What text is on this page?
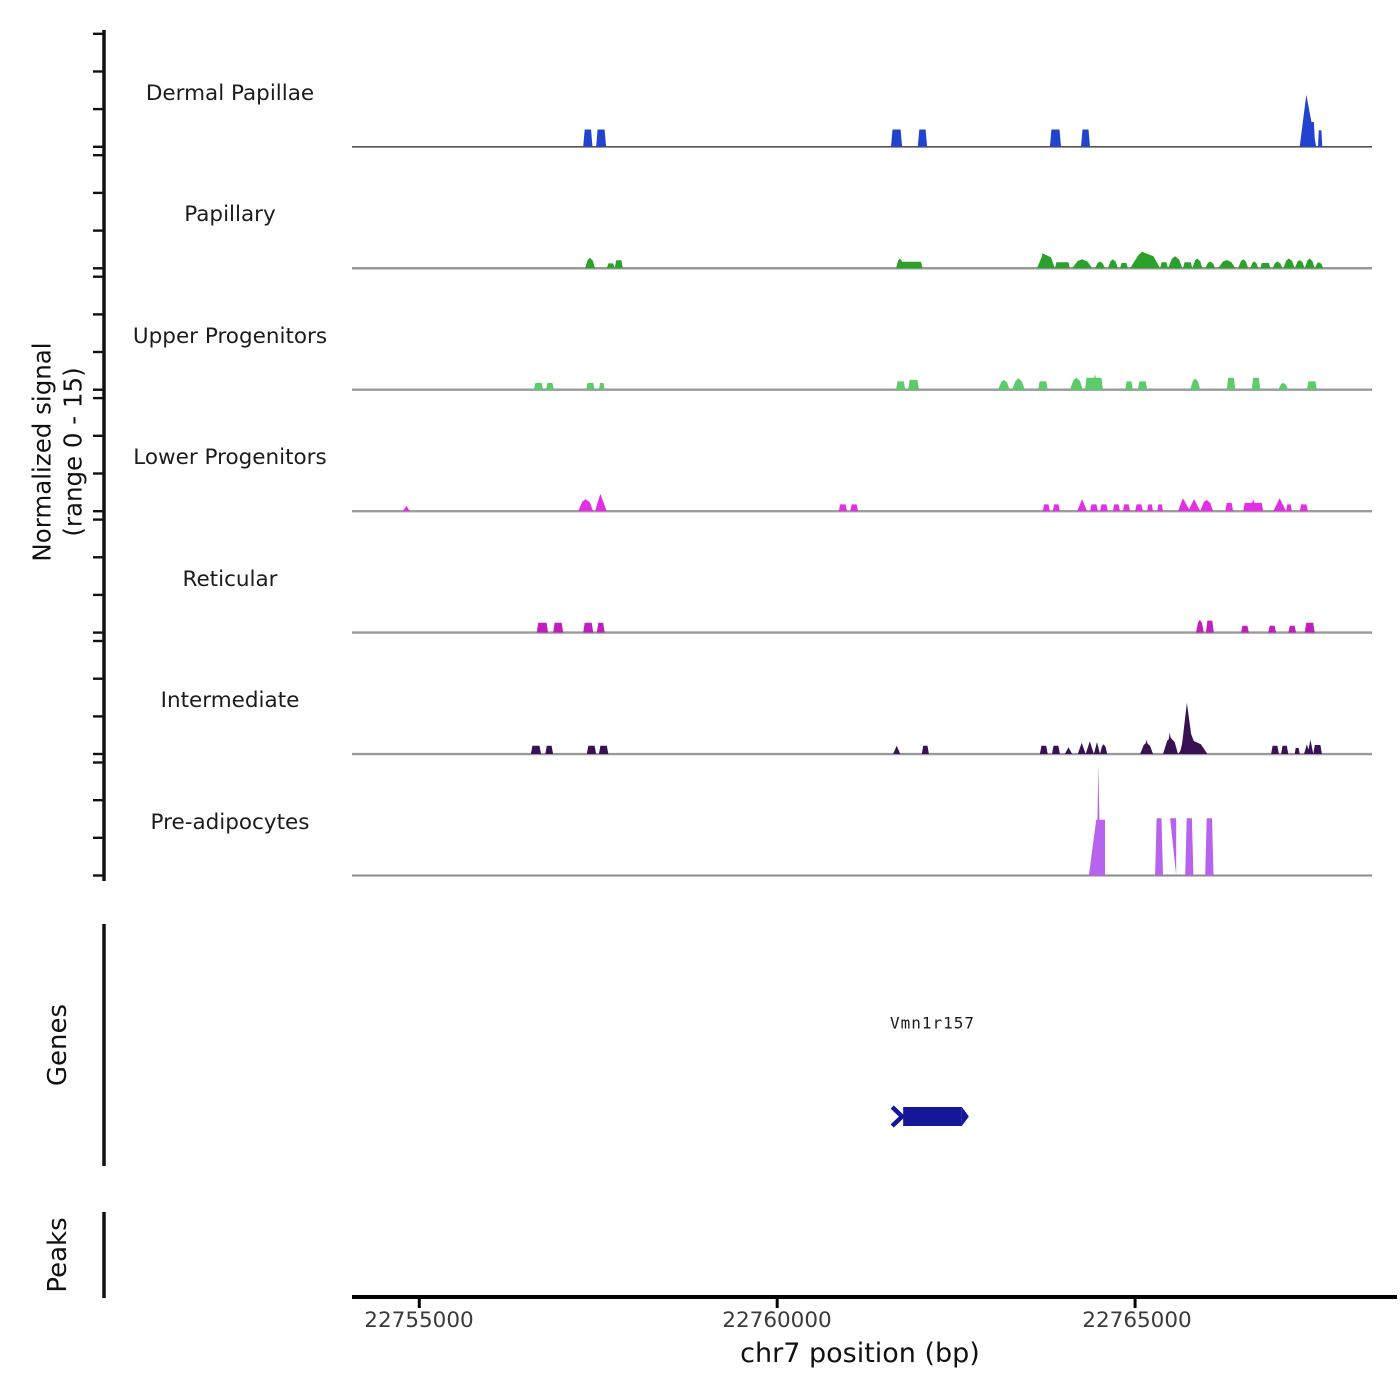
Normalized signal (range 0 - 15)
Genes
Peaks
Vmn1r157
22755000	22760000	22765000
chr7 position (bp)
Dermal Papillae
Papillary
Upper Progenitors
Lower Progenitors
Reticular
Intermediate
Pre-adipocytes
